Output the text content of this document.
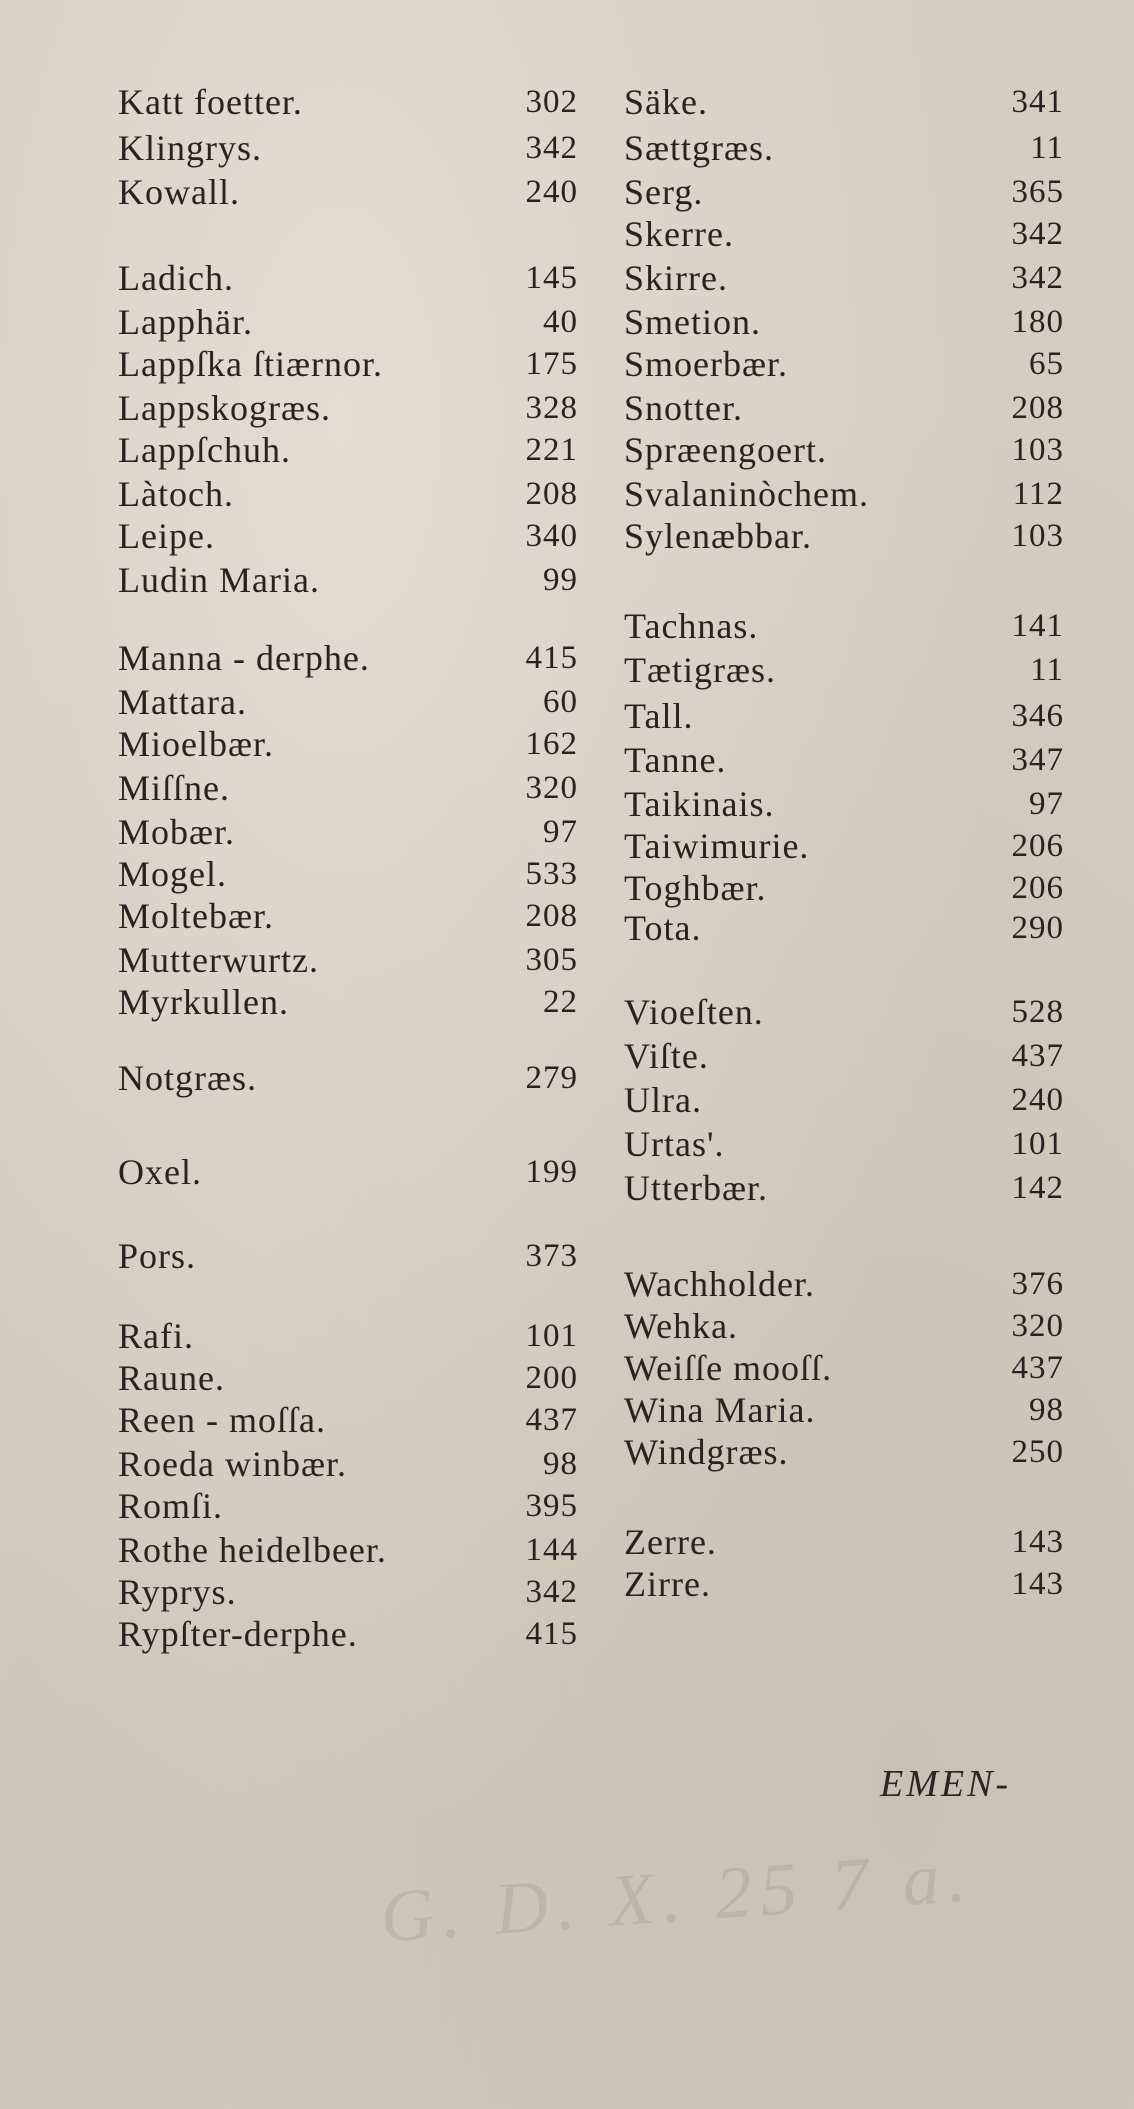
Katt foetter.	302
Klingrys.	342
Kowall.	240
Ladich.	145
Lapphär.	40
Lappſka ſtiærnor.	175
Lappskogræs.	328
Lappſchuh.	221
Làtoch.	208
Leipe.	340
Ludin Maria.	99
Manna - derphe.	415
Mattara.	60
Mioelbær.	162
Miſſne.	320
Mobær.	97
Mogel.	533
Moltebær.	208
Mutterwurtz.	305
Myrkullen.	22
Notgræs.	279
Oxel.	199
Pors.	373
Rafi.	101
Raune.	200
Reen - moſſa.	437
Roeda winbær.	98
Romſi.	395
Rothe heidelbeer.	144
Ryprys.	342
Rypſter-derphe.	415
Säke.	341
Sættgræs.	11
Serg.	365
Skerre.	342
Skirre.	342
Smetion.	180
Smoerbær.	65
Snotter.	208
Spræengoert.	103
Svalaninòchem.	112
Sylenæbbar.	103
Tachnas.	141
Tætigræs.	11
Tall.	346
Tanne.	347
Taikinais.	97
Taiwimurie.	206
Toghbær.	206
Tota.	290
Vioeſten.	528
Viſte.	437
Ulra.	240
Urtas'.	101
Utterbær.	142
Wachholder.	376
Wehka.	320
Weiſſe mooſſ.	437
Wina Maria.	98
Windgræs.	250
Zerre.	143
Zirre.	143
EMEN-
G. D. X. 25 7 a.
